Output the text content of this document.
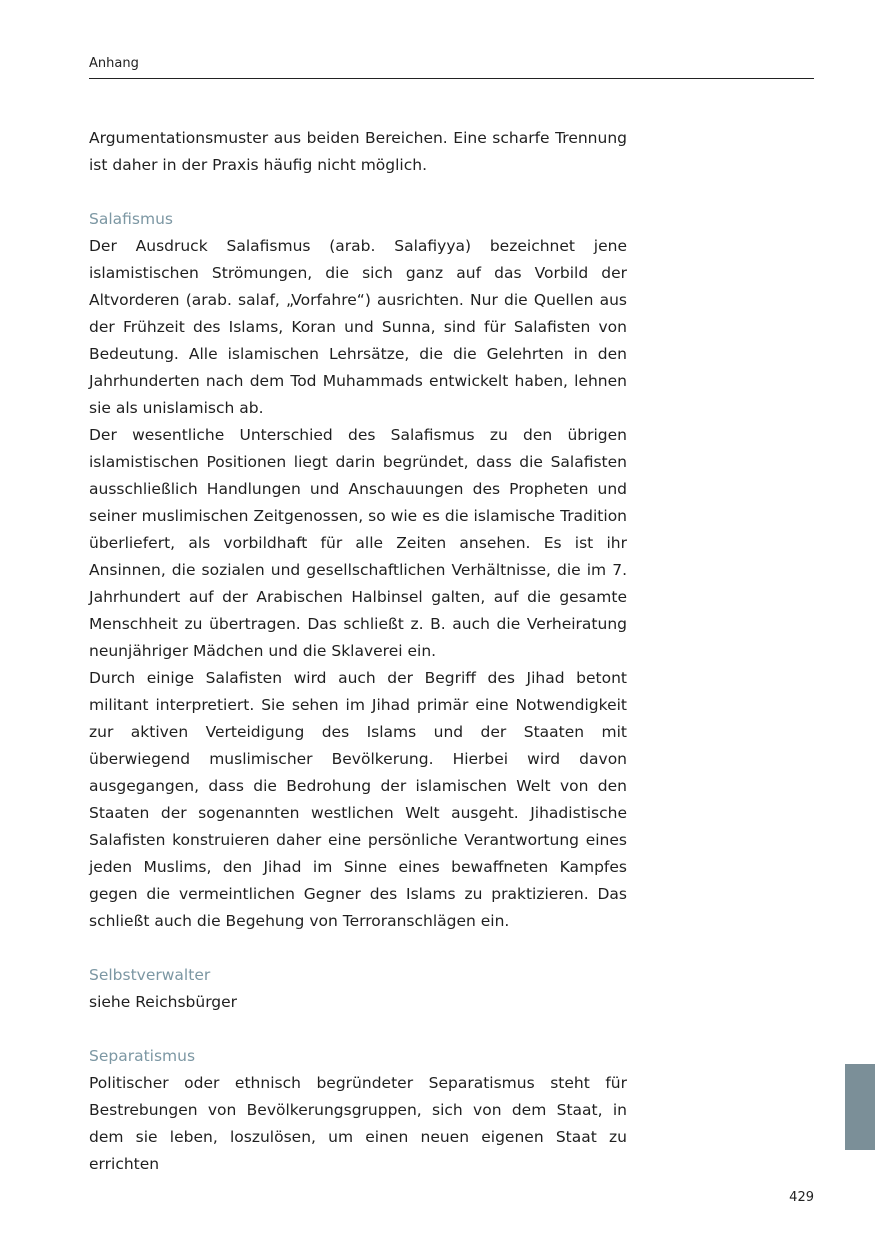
Anhang

Argumentationsmuster aus beiden Bereichen. Eine scharfe Trennung ist daher in der Praxis häufig nicht möglich.

Salafismus

Der Ausdruck Salafismus (arab. Salafiyya) bezeichnet jene islamistischen Strömungen, die sich ganz auf das Vorbild der Altvorderen (arab. salaf, „Vorfahre“) ausrichten. Nur die Quellen aus der Frühzeit des Islams, Koran und Sunna, sind für Salafisten von Bedeutung. Alle islamischen Lehrsätze, die die Gelehrten in den Jahrhunderten nach dem Tod Muhammads entwickelt haben, lehnen sie als unislamisch ab.

Der wesentliche Unterschied des Salafismus zu den übrigen islamistischen Positionen liegt darin begründet, dass die Salafisten ausschließlich Handlungen und Anschauungen des Propheten und seiner muslimischen Zeitgenossen, so wie es die islamische Tradition überliefert, als vorbildhaft für alle Zeiten ansehen. Es ist ihr Ansinnen, die sozialen und gesellschaftlichen Verhältnisse, die im 7. Jahrhundert auf der Arabischen Halbinsel galten, auf die gesamte Menschheit zu übertragen. Das schließt z. B. auch die Verheiratung neunjähriger Mädchen und die Sklaverei ein.

Durch einige Salafisten wird auch der Begriff des Jihad betont militant interpretiert. Sie sehen im Jihad primär eine Notwendigkeit zur aktiven Verteidigung des Islams und der Staaten mit überwiegend muslimischer Bevölkerung. Hierbei wird davon ausgegangen, dass die Bedrohung der islamischen Welt von den Staaten der sogenannten westlichen Welt ausgeht. Jihadistische Salafisten konstruieren daher eine persönliche Verantwortung eines jeden Muslims, den Jihad im Sinne eines bewaffneten Kampfes gegen die vermeintlichen Gegner des Islams zu praktizieren. Das schließt auch die Begehung von Terroranschlägen ein.

Selbstverwalter

siehe Reichsbürger

Separatismus

Politischer oder ethnisch begründeter Separatismus steht für Bestrebungen von Bevölkerungsgruppen, sich von dem Staat, in dem sie leben, loszulösen, um einen neuen eigenen Staat zu errichten

429
